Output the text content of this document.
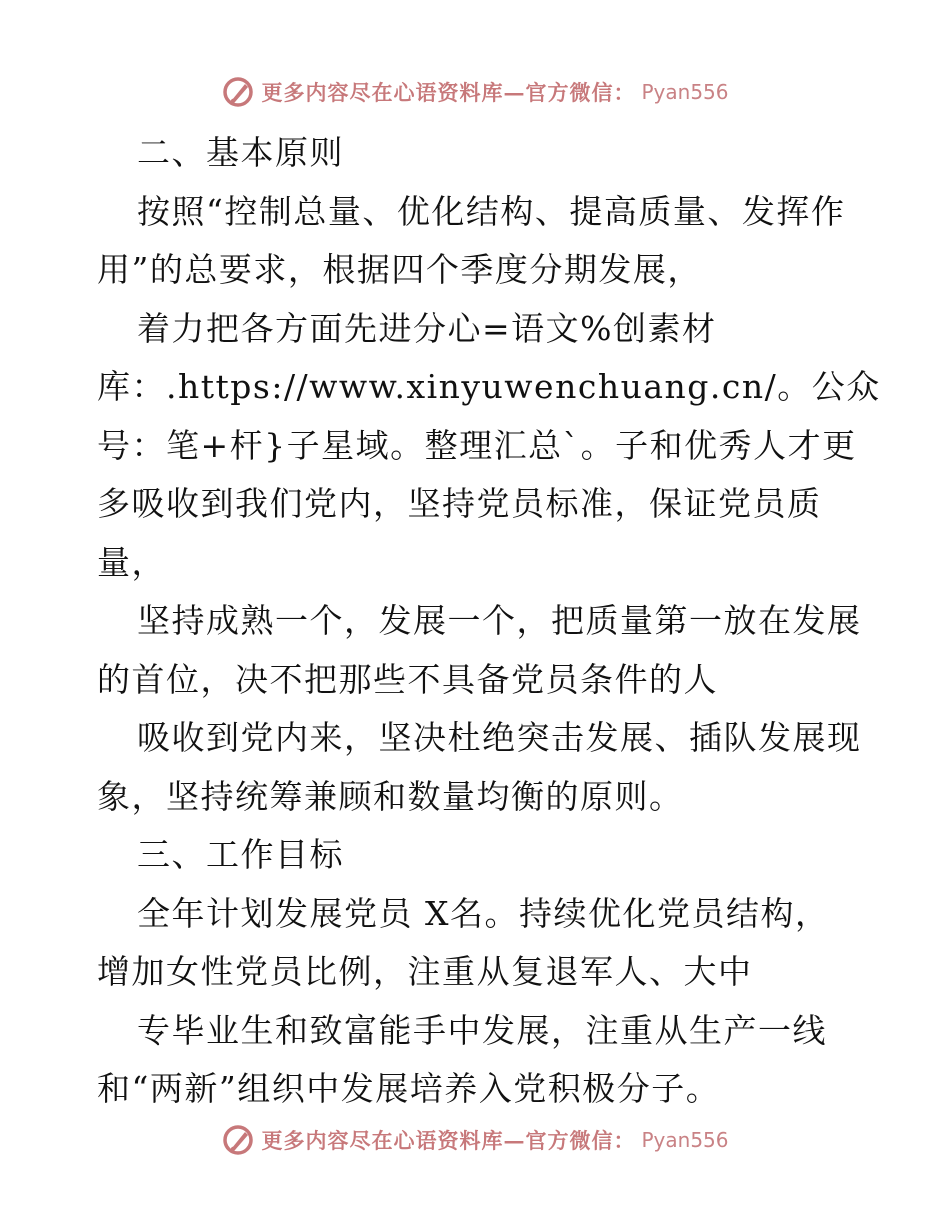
更多内容尽在心语资料库—官方微信： Pyan556
二、基本原则
按照“控制总量、优化结构、提高质量、发挥作
用”的总要求，根据四个季度分期发展，
着力把各方面先进分心=语文%创素材
库：.https://www.xinyuwenchuang.cn/。公众
号：笔+杆}子星域。整理汇总`。子和优秀人才更
多吸收到我们党内，坚持党员标准，保证党员质
量，
坚持成熟一个，发展一个，把质量第一放在发展
的首位，决不把那些不具备党员条件的人
吸收到党内来，坚决杜绝突击发展、插队发展现
象，坚持统筹兼顾和数量均衡的原则。
三、工作目标
全年计划发展党员 X名。持续优化党员结构，
增加女性党员比例，注重从复退军人、大中
专毕业生和致富能手中发展，注重从生产一线
和“两新”组织中发展培养入党积极分子。
更多内容尽在心语资料库—官方微信： Pyan556
